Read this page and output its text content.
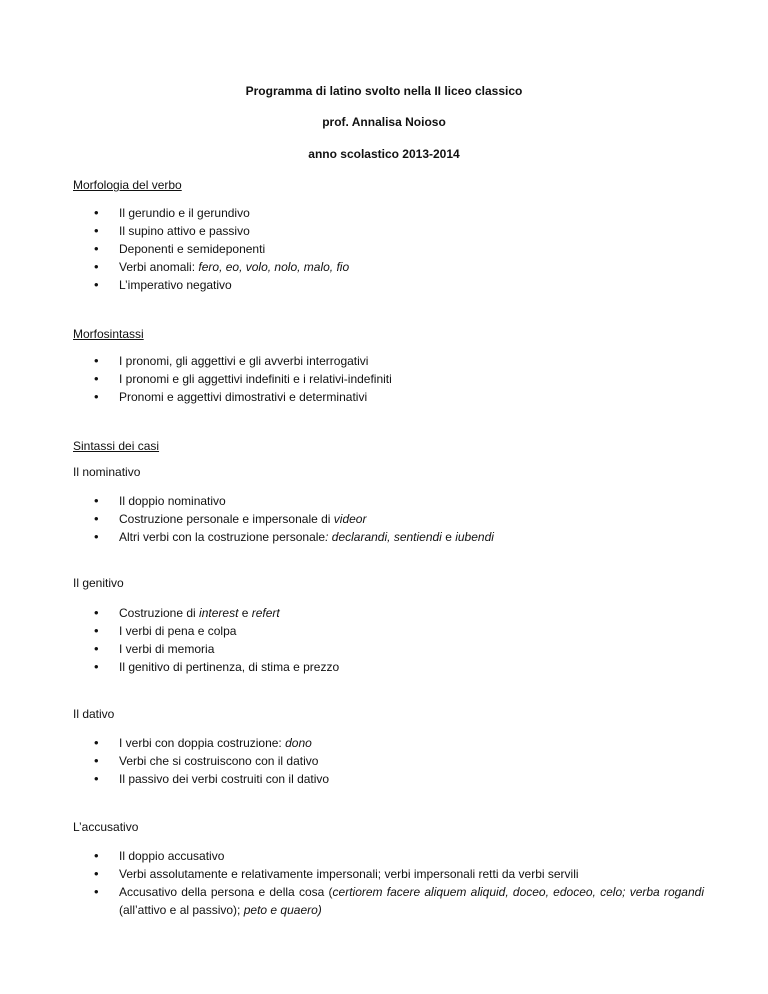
Programma di latino svolto nella II liceo classico
prof. Annalisa Noioso
anno scolastico 2013-2014
Morfologia del verbo
• Il gerundio e il gerundivo
• Il supino attivo e passivo
• Deponenti e semideponenti
• Verbi anomali: fero, eo, volo, nolo, malo, fio
• L’imperativo negativo
Morfosintassi
• I pronomi, gli aggettivi e gli avverbi interrogativi
• I pronomi e gli aggettivi indefiniti e i relativi-indefiniti
• Pronomi e aggettivi dimostrativi e determinativi
Sintassi dei casi
Il nominativo
• Il doppio nominativo
• Costruzione personale e impersonale di videor
• Altri verbi con la costruzione personale: declarandi, sentiendi e iubendi
Il genitivo
• Costruzione di interest e refert
• I verbi di pena e colpa
• I verbi di memoria
• Il genitivo di pertinenza, di stima e prezzo
Il dativo
• I verbi con doppia costruzione: dono
• Verbi che si costruiscono con il dativo
• Il passivo dei verbi costruiti con il dativo
L’accusativo
• Il doppio accusativo
• Verbi assolutamente e relativamente impersonali; verbi impersonali retti da verbi servili
• Accusativo della persona e della cosa (certiorem facere aliquem aliquid, doceo, edoceo, celo; verba rogandi (all’attivo e al passivo); peto e quaero)
